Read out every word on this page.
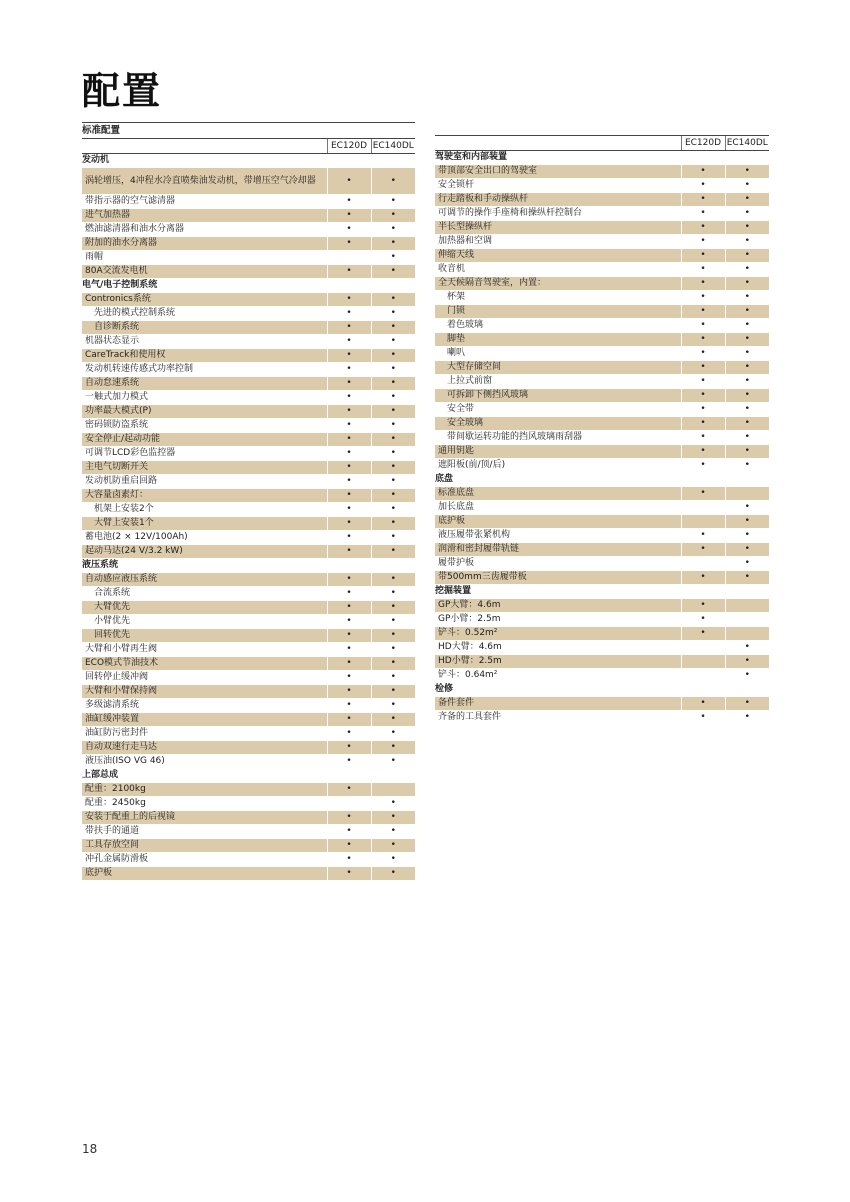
配置
标准配置
	EC120D	EC140DL
发动机		
涡轮增压，4冲程水冷直喷柴油发动机，带增压空气冷却器	•	•
带指示器的空气滤清器	•	•
进气加热器	•	•
燃油滤清器和油水分离器	•	•
附加的油水分离器	•	•
雨帽		•
80A交流发电机	•	•
电气/电子控制系统		
Contronics系统	•	•
先进的模式控制系统	•	•
自诊断系统	•	•
机器状态显示	•	•
CareTrack和使用权	•	•
发动机转速传感式功率控制	•	•
自动怠速系统	•	•
一触式加力模式	•	•
功率最大模式(P)	•	•
密码锁防盗系统	•	•
安全停止/起动功能	•	•
可调节LCD彩色监控器	•	•
主电气切断开关	•	•
发动机防重启回路	•	•
大容量卤素灯：	•	•
机架上安装2个	•	•
大臂上安装1个	•	•
蓄电池(2 × 12V/100Ah)	•	•
起动马达(24 V/3.2 kW)	•	•
液压系统		
自动感应液压系统	•	•
合流系统	•	•
大臂优先	•	•
小臂优先	•	•
回转优先	•	•
大臂和小臂再生阀	•	•
ECO模式节油技术	•	•
回转停止缓冲阀	•	•
大臂和小臂保持阀	•	•
多级滤清系统	•	•
油缸缓冲装置	•	•
油缸防污密封件	•	•
自动双速行走马达	•	•
液压油(ISO VG 46)	•	•
上部总成		
配重：2100kg	•	
配重：2450kg		•
安装于配重上的后视镜	•	•
带扶手的通道	•	•
工具存放空间	•	•
冲孔金属防滑板	•	•
底护板	•	•
	EC120D	EC140DL
驾驶室和内部装置		
带顶部安全出口的驾驶室	•	•
安全锁杆	•	•
行走踏板和手动操纵杆	•	•
可调节的操作手座椅和操纵杆控制台	•	•
半长型操纵杆	•	•
加热器和空调	•	•
伸缩天线	•	•
收音机	•	•
全天候隔音驾驶室，内置：	•	•
杯架	•	•
门锁	•	•
着色玻璃	•	•
脚垫	•	•
喇叭	•	•
大型存储空间	•	•
上拉式前窗	•	•
可拆卸下侧挡风玻璃	•	•
安全带	•	•
安全玻璃	•	•
带间歇运转功能的挡风玻璃雨刮器	•	•
通用钥匙	•	•
遮阳板(前/顶/后)	•	•
底盘		
标准底盘	•	
加长底盘		•
底护板		•
液压履带张紧机构	•	•
润滑和密封履带轨链	•	•
履带护板		•
带500mm三齿履带板	•	•
挖掘装置		
GP大臂：4.6m	•	
GP小臂：2.5m	•	
铲斗：0.52m²	•	
HD大臂：4.6m		•
HD小臂：2.5m		•
铲斗：0.64m²		•
检修		
备件套件	•	•
齐备的工具套件	•	•
18
